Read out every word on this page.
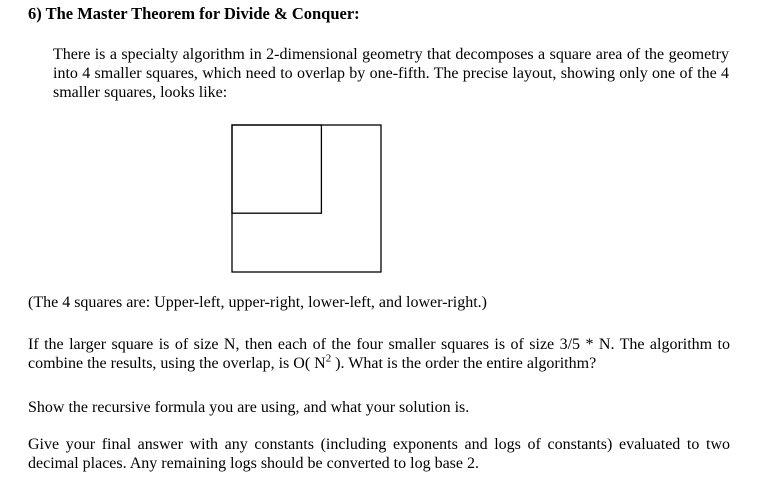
6) The Master Theorem for Divide & Conquer:

There is a specialty algorithm in 2-dimensional geometry that decomposes a square area of the geometry into 4 smaller squares, which need to overlap by one-fifth. The precise layout, showing only one of the 4 smaller squares, looks like:

(The 4 squares are: Upper-left, upper-right, lower-left, and lower-right.)

If the larger square is of size N, then each of the four smaller squares is of size 3/5 * N. The algorithm to combine the results, using the overlap, is O( $N^2$ ). What is the order the entire algorithm?

Show the recursive formula you are using, and what your solution is.

Give your final answer with any constants (including exponents and logs of constants) evaluated to two decimal places. Any remaining logs should be converted to log base 2.
